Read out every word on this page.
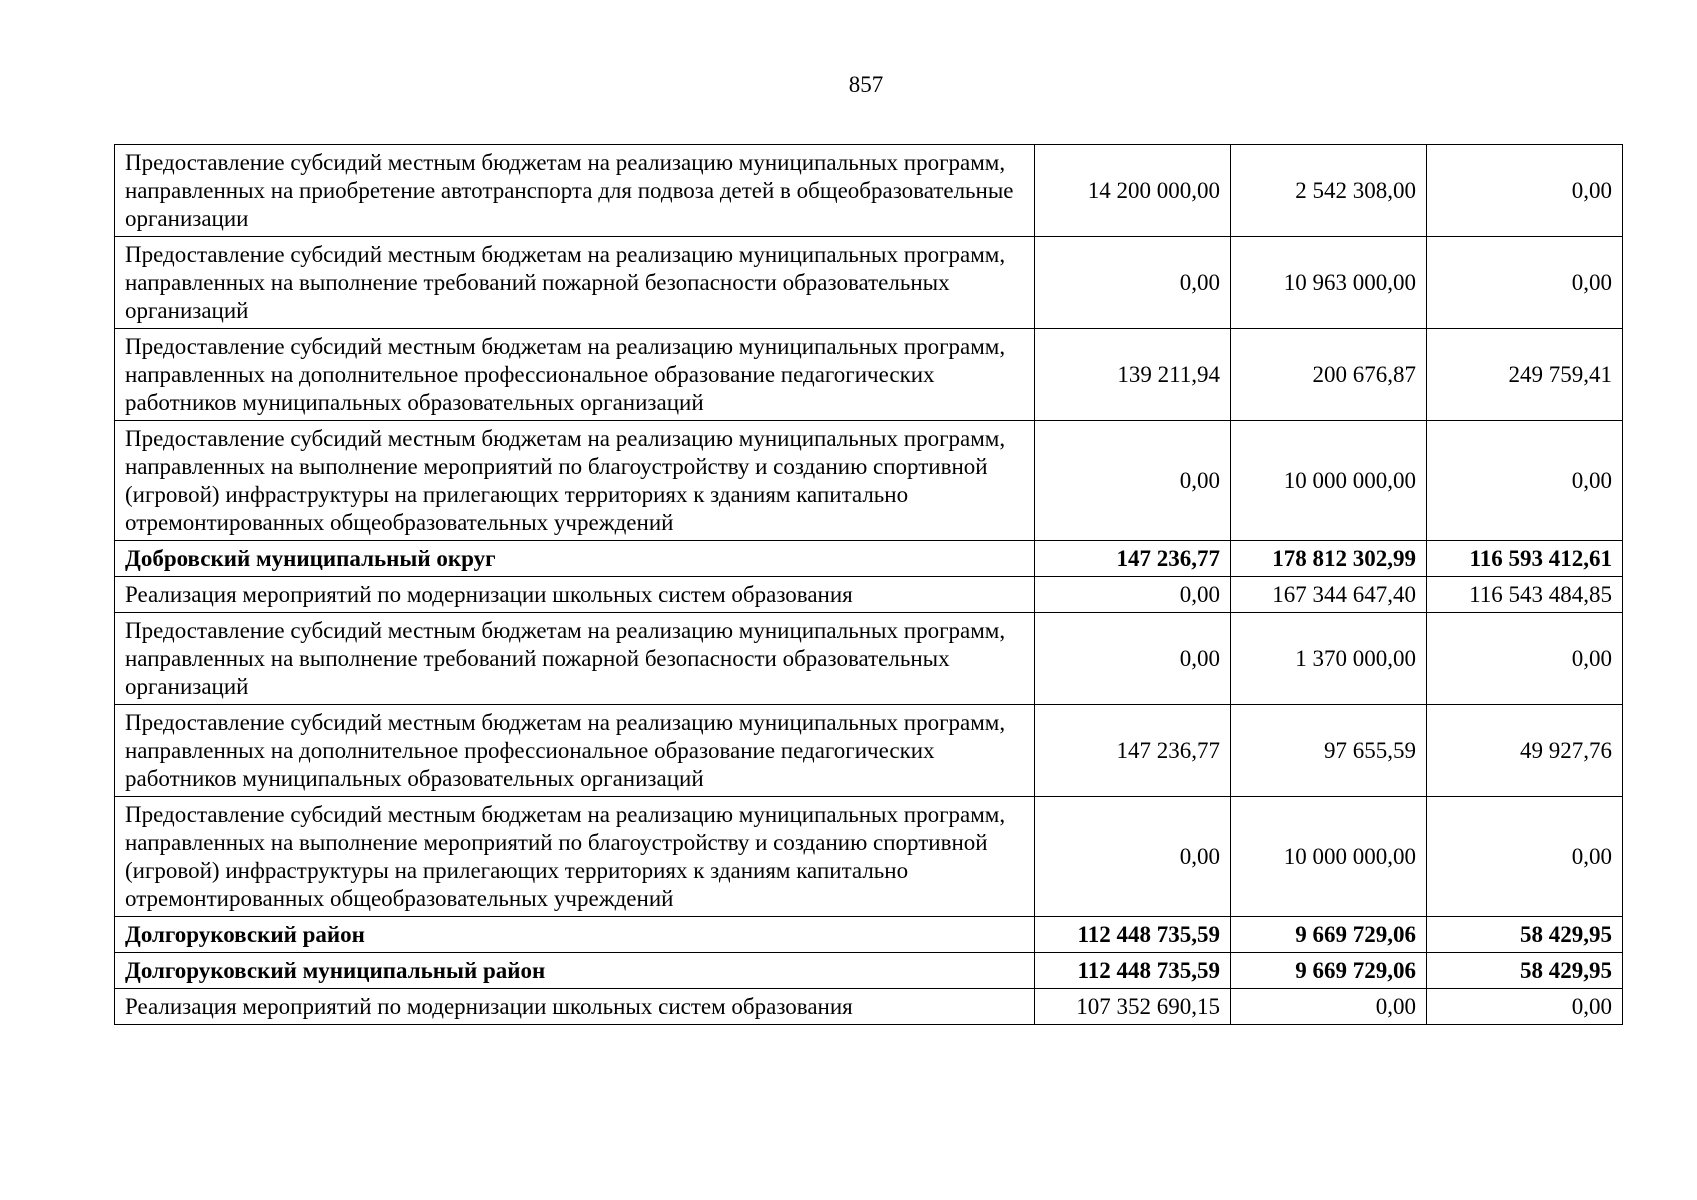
857
Предоставление субсидий местным бюджетам на реализацию муниципальных программ, направленных на приобретение автотранспорта для подвоза детей в общеобразовательные организации	14 200 000,00	2 542 308,00	0,00
Предоставление субсидий местным бюджетам на реализацию муниципальных программ, направленных на выполнение требований пожарной безопасности образовательных организаций	0,00	10 963 000,00	0,00
Предоставление субсидий местным бюджетам на реализацию муниципальных программ, направленных на дополнительное профессиональное образование педагогических работников муниципальных образовательных организаций	139 211,94	200 676,87	249 759,41
Предоставление субсидий местным бюджетам на реализацию муниципальных программ, направленных на выполнение мероприятий по благоустройству и созданию спортивной (игровой) инфраструктуры на прилегающих территориях к зданиям капитально отремонтированных общеобразовательных учреждений	0,00	10 000 000,00	0,00
Добровский муниципальный округ	147 236,77	178 812 302,99	116 593 412,61
Реализация мероприятий по модернизации школьных систем образования	0,00	167 344 647,40	116 543 484,85
Предоставление субсидий местным бюджетам на реализацию муниципальных программ, направленных на выполнение требований пожарной безопасности образовательных организаций	0,00	1 370 000,00	0,00
Предоставление субсидий местным бюджетам на реализацию муниципальных программ, направленных на дополнительное профессиональное образование педагогических работников муниципальных образовательных организаций	147 236,77	97 655,59	49 927,76
Предоставление субсидий местным бюджетам на реализацию муниципальных программ, направленных на выполнение мероприятий по благоустройству и созданию спортивной (игровой) инфраструктуры на прилегающих территориях к зданиям капитально отремонтированных общеобразовательных учреждений	0,00	10 000 000,00	0,00
Долгоруковский район	112 448 735,59	9 669 729,06	58 429,95
Долгоруковский муниципальный район	112 448 735,59	9 669 729,06	58 429,95
Реализация мероприятий по модернизации школьных систем образования	107 352 690,15	0,00	0,00
